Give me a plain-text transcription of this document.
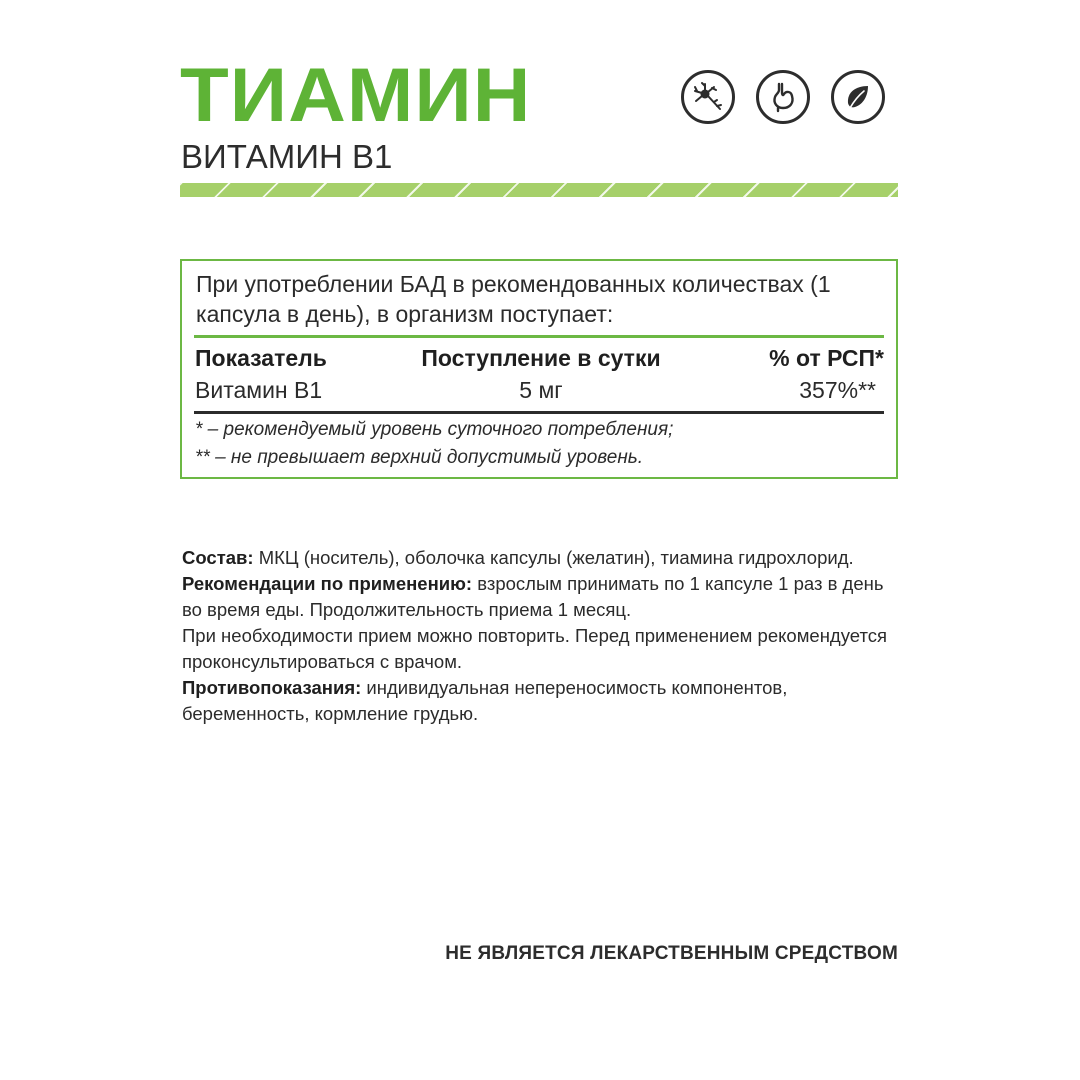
ТИАМИН
ВИТАМИН В1
При употреблении БАД в рекомендованных количествах (1 капсула в день), в организм поступает:
Показатель	Поступление в сутки	% от РСП*
Витамин В1	5 мг	357%**
* – рекомендуемый уровень суточного потребления;
** – не превышает верхний допустимый уровень.

Состав: МКЦ (носитель), оболочка капсулы (желатин), тиамина гидрохлорид.

Рекомендации по применению: взрослым принимать по 1 капсуле 1 раз в день во время еды. Продолжительность приема 1 месяц.

При необходимости прием можно повторить. Перед применением рекомендуется проконсультироваться с врачом.

Противопоказания: индивидуальная непереносимость компонентов, беременность, кормление грудью.

НЕ ЯВЛЯЕТСЯ ЛЕКАРСТВЕННЫМ СРЕДСТВОМ
